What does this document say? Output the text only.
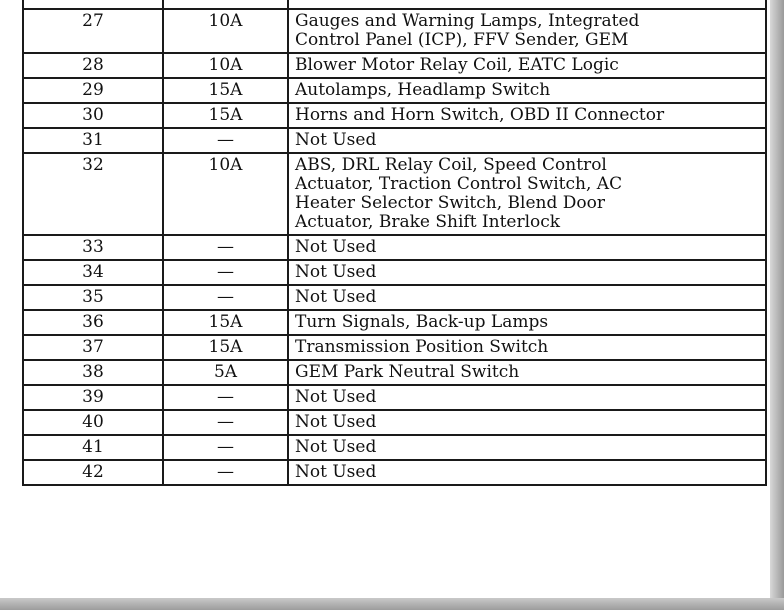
27	10A	Gauges and Warning Lamps, Integrated
Control Panel (ICP), FFV Sender, GEM

28	10A	Blower Motor Relay Coil, EATC Logic

29	15A	Autolamps, Headlamp Switch

30	15A	Horns and Horn Switch, OBD II Connector

31	—	Not Used

32	10A	ABS, DRL Relay Coil, Speed Control
Actuator, Traction Control Switch, AC
Heater Selector Switch, Blend Door
Actuator, Brake Shift Interlock

33	—	Not Used

34	—	Not Used

35	—	Not Used

36	15A	Turn Signals, Back-up Lamps

37	15A	Transmission Position Switch

38	5A	GEM Park Neutral Switch

39	—	Not Used

40	—	Not Used

41	—	Not Used

42	—	Not Used
